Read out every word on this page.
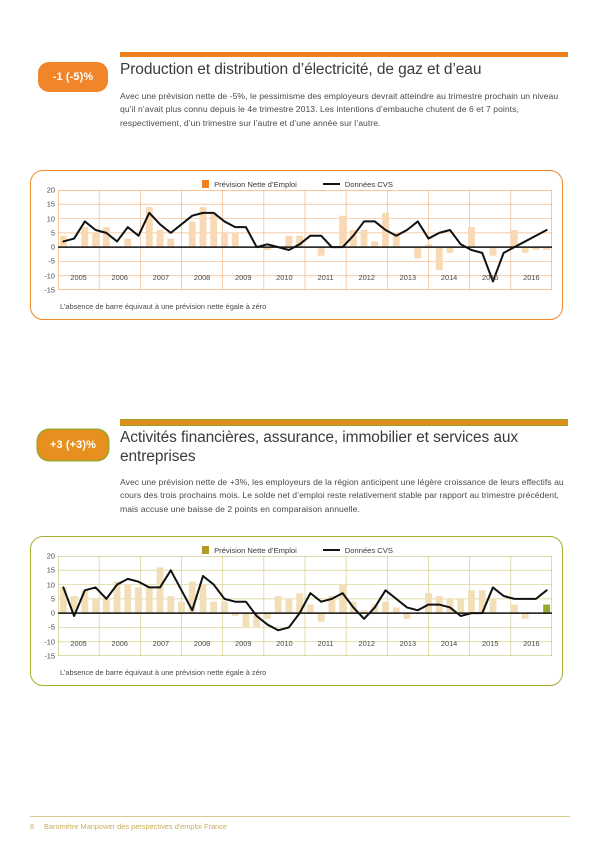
-1 (-5)%	Production et distribution d’électricité, de gaz et d’eau
Avec une prévision nette de -5%, le pessimisme des employeurs devrait atteindre au trimestre prochain un niveau qu’il n’avait plus connu depuis le 4e trimestre 2013. Les intentions d’embauche chutent de 6 et 7 points, respectivement, d’un trimestre sur l’autre et d’une année sur l’autre.
Prévision Nette d’Emploi	Données CVS
20
15
10
5
0
-5
-10
-15
2005	2006	2007	2008	2009	2010	2011	2012	2013	2014	2015	2016
L’absence de barre équivaut à une prévision nette égale à zéro
+3 (+3)%	Activités financières, assurance, immobilier et services aux entreprises
Avec une prévision nette de +3%, les employeurs de la région anticipent une légère croissance de leurs effectifs au cours des trois prochains mois. Le solde net d’emploi reste relativement stable par rapport au trimestre précédent, mais accuse une baisse de 2 points en comparaison annuelle.
Prévision Nette d’Emploi	Données CVS
20
15
10
5
0
-5
-10
-15
2005	2006	2007	2008	2009	2010	2011	2012	2013	2014	2015	2016
L’absence de barre équivaut à une prévision nette égale à zéro
8 Baromètre Manpower des perspectives d'emploi France
